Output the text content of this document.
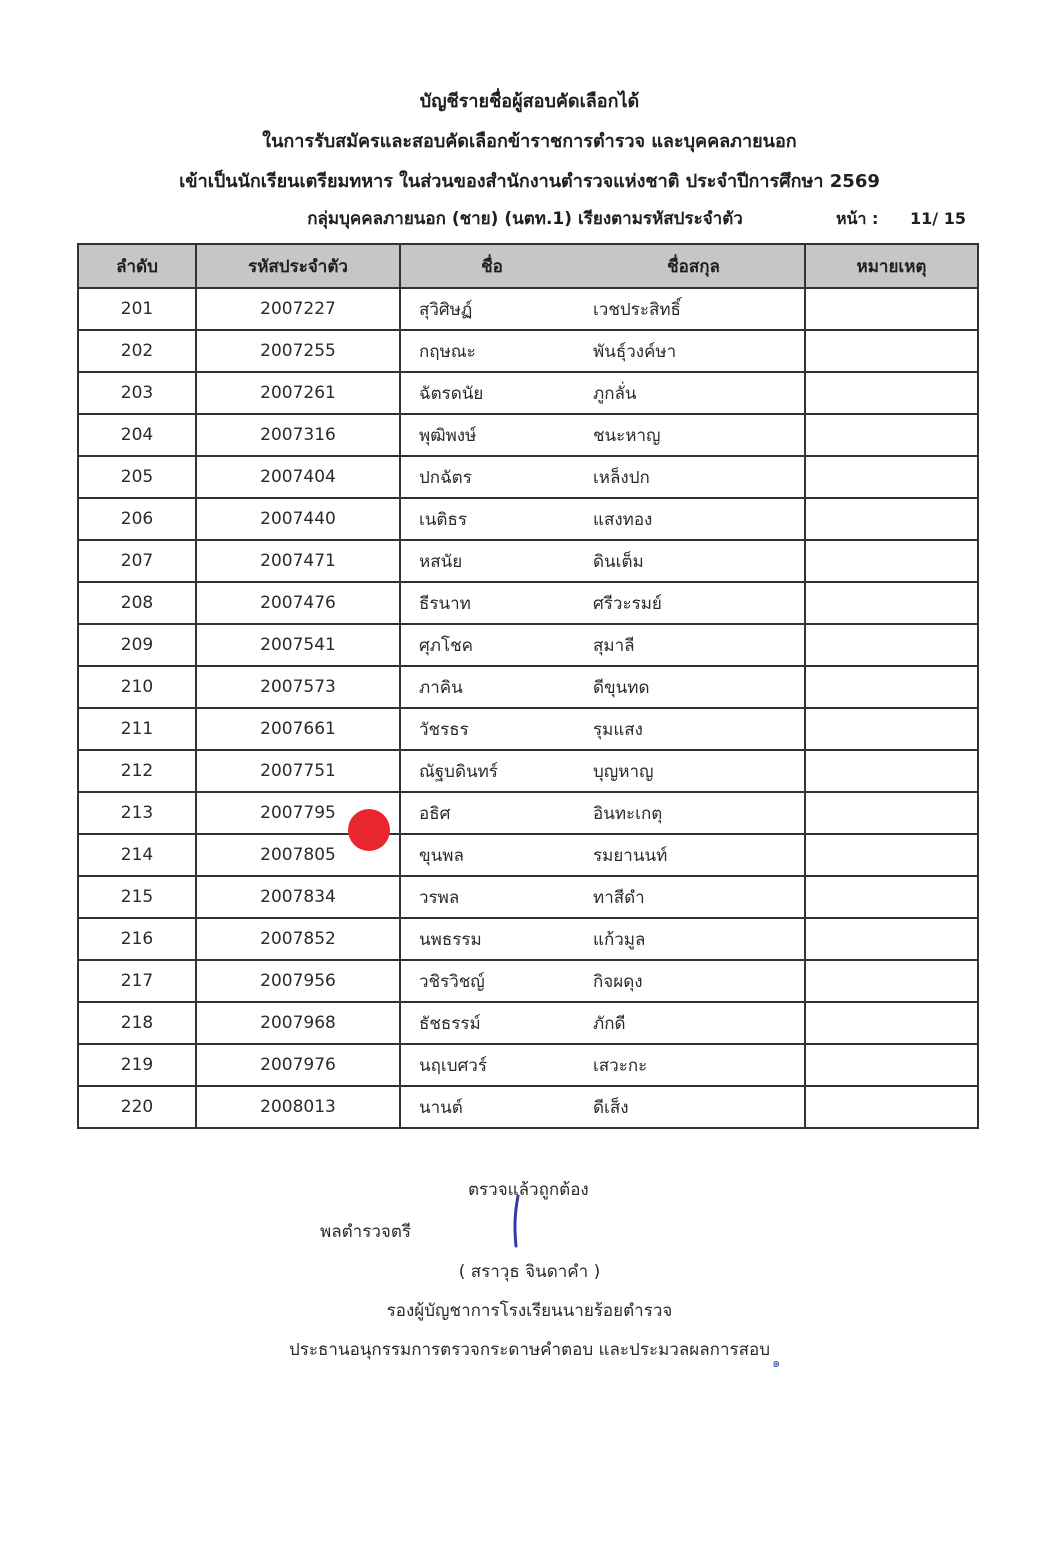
บัญชีรายชื่อผู้สอบคัดเลือกได้
ในการรับสมัครและสอบคัดเลือกข้าราชการตำรวจ และบุคคลภายนอก
เข้าเป็นนักเรียนเตรียมทหาร ในส่วนของสำนักงานตำรวจแห่งชาติ ประจำปีการศึกษา 2569
กลุ่มบุคคลภายนอก (ชาย) (นตท.1) เรียงตามรหัสประจำตัว	หน้า : 11/ 15
ลำดับ	รหัสประจำตัว	ชื่อ	ชื่อสกุล	หมายเหตุ
201	2007227	สุวิศิษฏ์	เวชประสิทธิ์	
202	2007255	กฤษณะ	พันธุ์วงค์ษา	
203	2007261	ฉัตรดนัย	ภูกลั่น	
204	2007316	พุฒิพงษ์	ชนะหาญ	
205	2007404	ปกฉัตร	เหล็งปก	
206	2007440	เนติธร	แสงทอง	
207	2007471	หสนัย	ดินเต็ม	
208	2007476	ธีรนาท	ศรีวะรมย์	
209	2007541	ศุภโชค	สุมาลี	
210	2007573	ภาคิน	ดีขุนทด	
211	2007661	วัชรธร	รุมแสง	
212	2007751	ณัฐบดินทร์	บุญหาญ	
213	2007795	อธิศ	อินทะเกตุ	
214	2007805	ขุนพล	รมยานนท์	
215	2007834	วรพล	ทาสีดำ	
216	2007852	นพธรรม	แก้วมูล	
217	2007956	วชิรวิชญ์	กิจผดุง	
218	2007968	ธัชธรรม์	ภักดี	
219	2007976	นฤเบศวร์	เสวะกะ	
220	2008013	นานต์	ดีเส็ง	
ตรวจแล้วถูกต้อง
พลตำรวจตรี
( สราวุธ จินดาคำ )
รองผู้บัญชาการโรงเรียนนายร้อยตำรวจ
ประธานอนุกรรมการตรวจกระดาษคำตอบ และประมวลผลการสอบ
๑
